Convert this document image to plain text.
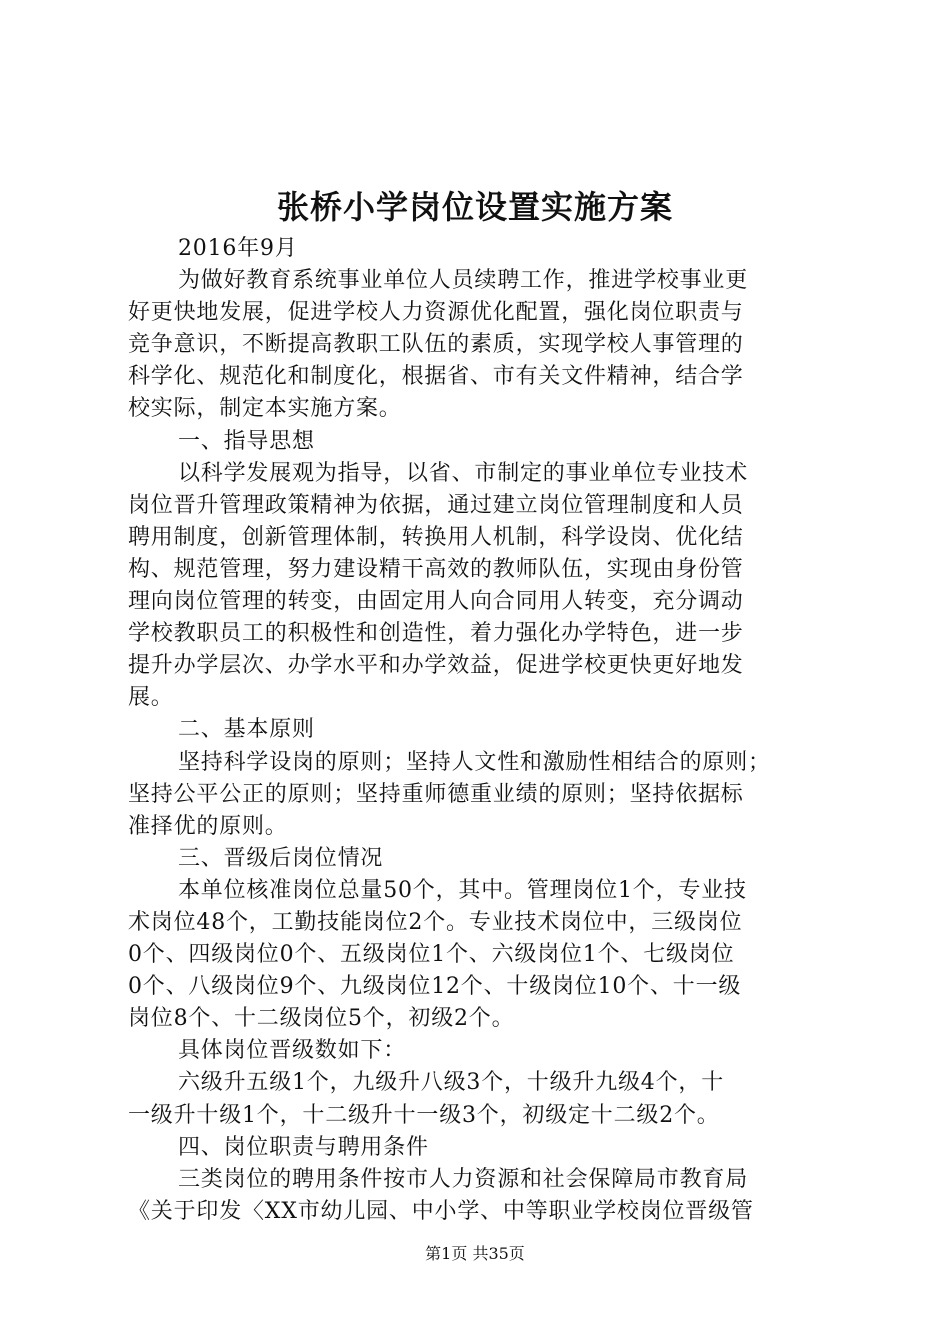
张桥小学岗位设置实施方案
2016年9月
为做好教育系统事业单位人员续聘工作，推进学校事业更
好更快地发展，促进学校人力资源优化配置，强化岗位职责与
竞争意识，不断提高教职工队伍的素质，实现学校人事管理的
科学化、规范化和制度化，根据省、市有关文件精神，结合学
校实际，制定本实施方案。
一、指导思想
以科学发展观为指导，以省、市制定的事业单位专业技术
岗位晋升管理政策精神为依据，通过建立岗位管理制度和人员
聘用制度，创新管理体制，转换用人机制，科学设岗、优化结
构、规范管理，努力建设精干高效的教师队伍，实现由身份管
理向岗位管理的转变，由固定用人向合同用人转变，充分调动
学校教职员工的积极性和创造性，着力强化办学特色，进一步
提升办学层次、办学水平和办学效益，促进学校更快更好地发
展。
二、基本原则
坚持科学设岗的原则；坚持人文性和激励性相结合的原则；
坚持公平公正的原则；坚持重师德重业绩的原则；坚持依据标
准择优的原则。
三、晋级后岗位情况
本单位核准岗位总量50个，其中。管理岗位1个，专业技
术岗位48个，工勤技能岗位2个。专业技术岗位中，三级岗位
0个、四级岗位0个、五级岗位1个、六级岗位1个、七级岗位
0个、八级岗位9个、九级岗位12个、十级岗位10个、十一级
岗位8个、十二级岗位5个，初级2个。
具体岗位晋级数如下：
六级升五级1个，九级升八级3个，十级升九级4个，十
一级升十级1个，十二级升十一级3个，初级定十二级2个。
四、岗位职责与聘用条件
三类岗位的聘用条件按市人力资源和社会保障局市教育局
《关于印发〈XX市幼儿园、中小学、中等职业学校岗位晋级管
第1页 共35页
